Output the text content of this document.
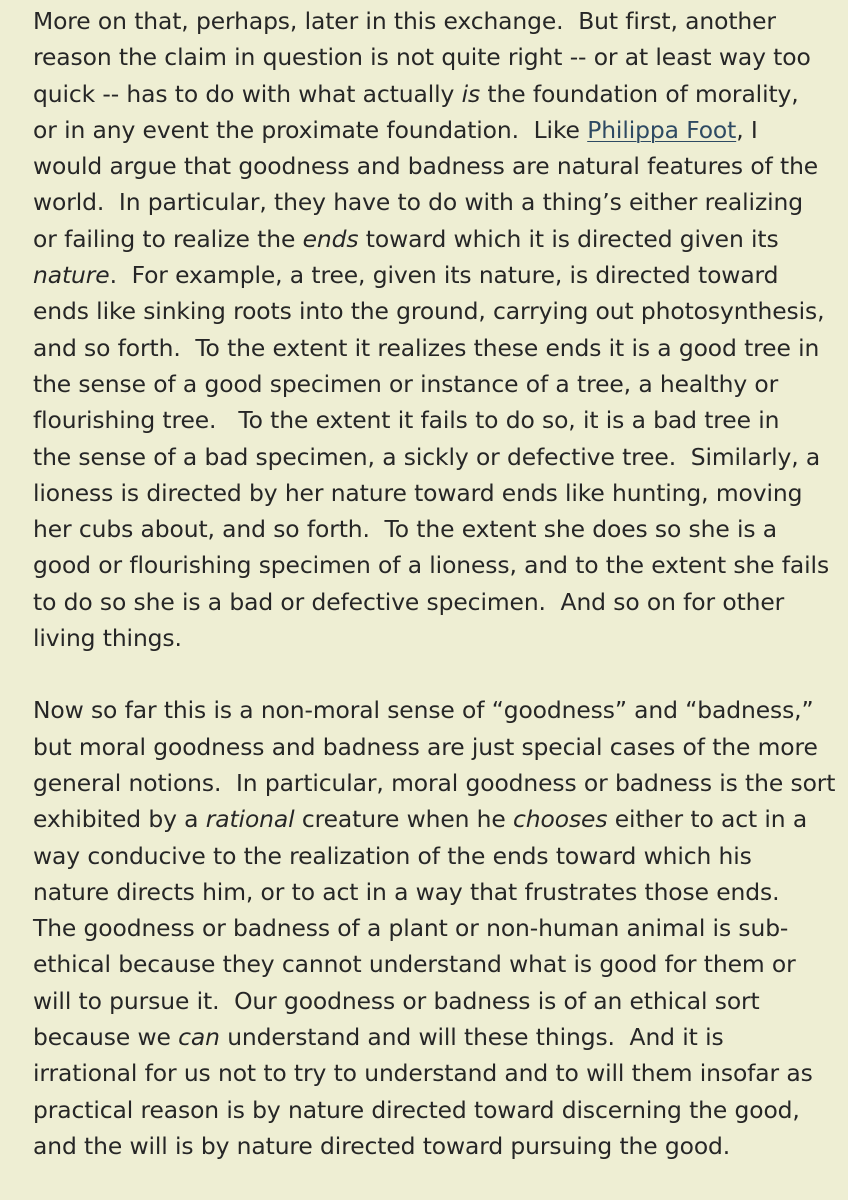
More on that, perhaps, later in this exchange.  But first, another
reason the claim in question is not quite right -- or at least way too
quick -- has to do with what actually is the foundation of morality,
or in any event the proximate foundation.  Like Philippa Foot, I
would argue that goodness and badness are natural features of the
world.  In particular, they have to do with a thing’s either realizing
or failing to realize the ends toward which it is directed given its
nature.  For example, a tree, given its nature, is directed toward
ends like sinking roots into the ground, carrying out photosynthesis,
and so forth.  To the extent it realizes these ends it is a good tree in
the sense of a good specimen or instance of a tree, a healthy or
flourishing tree.   To the extent it fails to do so, it is a bad tree in
the sense of a bad specimen, a sickly or defective tree.  Similarly, a
lioness is directed by her nature toward ends like hunting, moving
her cubs about, and so forth.  To the extent she does so she is a
good or flourishing specimen of a lioness, and to the extent she fails
to do so she is a bad or defective specimen.  And so on for other
living things.

Now so far this is a non-moral sense of “goodness” and “badness,”
but moral goodness and badness are just special cases of the more
general notions.  In particular, moral goodness or badness is the sort
exhibited by a rational creature when he chooses either to act in a
way conducive to the realization of the ends toward which his
nature directs him, or to act in a way that frustrates those ends.
The goodness or badness of a plant or non-human animal is sub-
ethical because they cannot understand what is good for them or
will to pursue it.  Our goodness or badness is of an ethical sort
because we can understand and will these things.  And it is
irrational for us not to try to understand and to will them insofar as
practical reason is by nature directed toward discerning the good,
and the will is by nature directed toward pursuing the good.
